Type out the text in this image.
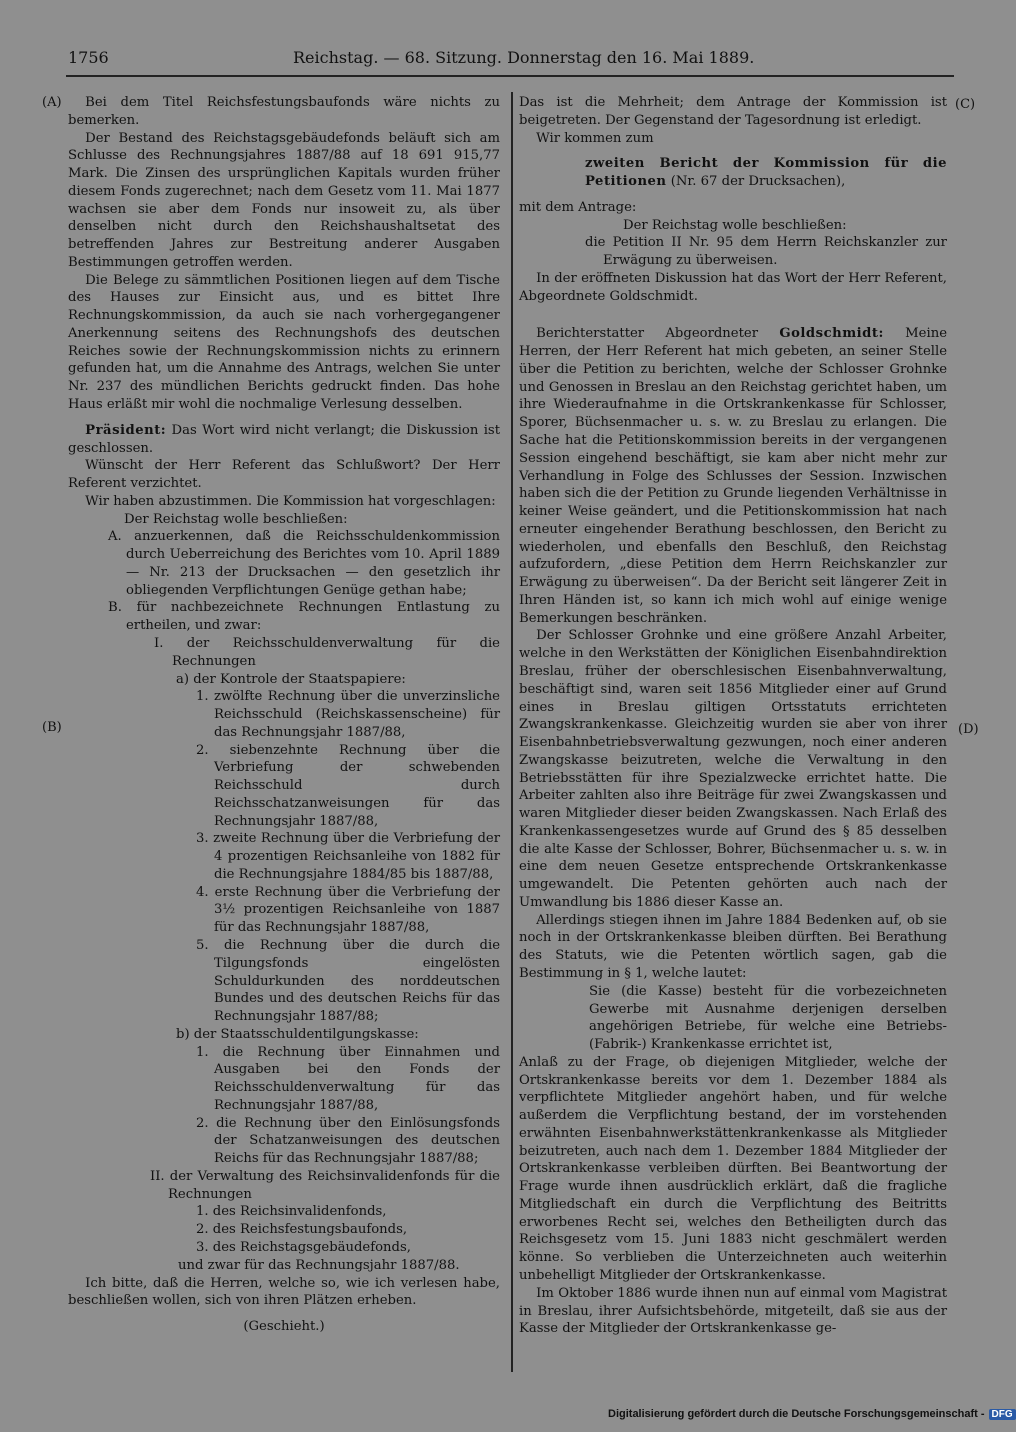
1756	Reichstag. — 68. Sitzung. Donnerstag den 16. Mai 1889.
(A)
(B)
(C)
(D)

Bei dem Titel Reichsfestungsbaufonds wäre nichts zu bemerken.

Der Bestand des Reichstagsgebäudefonds beläuft sich am Schlusse des Rechnungsjahres 1887/88 auf 18 691 915,77 Mark. Die Zinsen des ursprünglichen Kapitals wurden früher diesem Fonds zugerechnet; nach dem Gesetz vom 11. Mai 1877 wachsen sie aber dem Fonds nur insoweit zu, als über denselben nicht durch den Reichshaushaltsetat des betreffenden Jahres zur Bestreitung anderer Ausgaben Bestimmungen getroffen werden.

Die Belege zu sämmtlichen Positionen liegen auf dem Tische des Hauses zur Einsicht aus, und es bittet Ihre Rechnungskommission, da auch sie nach vorhergegangener Anerkennung seitens des Rechnungshofs des deutschen Reiches sowie der Rechnungskommission nichts zu erinnern gefunden hat, um die Annahme des Antrags, welchen Sie unter Nr. 237 des mündlichen Berichts gedruckt finden. Das hohe Haus erläßt mir wohl die nochmalige Verlesung desselben.

Präsident: Das Wort wird nicht verlangt; die Diskussion ist geschlossen.

Wünscht der Herr Referent das Schlußwort? Der Herr Referent verzichtet.

Wir haben abzustimmen. Die Kommission hat vorgeschlagen:

Der Reichstag wolle beschließen:

A. anzuerkennen, daß die Reichsschuldenkommission durch Ueberreichung des Berichtes vom 10. April 1889 — Nr. 213 der Drucksachen — den gesetzlich ihr obliegenden Verpflichtungen Genüge gethan habe;

B. für nachbezeichnete Rechnungen Entlastung zu ertheilen, und zwar:

I. der Reichsschuldenverwaltung für die Rechnungen

a) der Kontrole der Staatspapiere:

1. zwölfte Rechnung über die unverzinsliche Reichsschuld (Reichskassenscheine) für das Rechnungsjahr 1887/88,

2. siebenzehnte Rechnung über die Verbriefung der schwebenden Reichsschuld durch Reichsschatzanweisungen für das Rechnungsjahr 1887/88,

3. zweite Rechnung über die Verbriefung der 4 prozentigen Reichsanleihe von 1882 für die Rechnungsjahre 1884/85 bis 1887/88,

4. erste Rechnung über die Verbriefung der 3½ prozentigen Reichsanleihe von 1887 für das Rechnungsjahr 1887/88,

5. die Rechnung über die durch die Tilgungsfonds eingelösten Schuldurkunden des norddeutschen Bundes und des deutschen Reichs für das Rechnungsjahr 1887/88;

b) der Staatsschuldentilgungskasse:

1. die Rechnung über Einnahmen und Ausgaben bei den Fonds der Reichsschuldenverwaltung für das Rechnungsjahr 1887/88,

2. die Rechnung über den Einlösungsfonds der Schatzanweisungen des deutschen Reichs für das Rechnungsjahr 1887/88;

II. der Verwaltung des Reichsinvalidenfonds für die Rechnungen

1. des Reichsinvalidenfonds,

2. des Reichsfestungsbaufonds,

3. des Reichstagsgebäudefonds,

und zwar für das Rechnungsjahr 1887/88.

Ich bitte, daß die Herren, welche so, wie ich verlesen habe, beschließen wollen, sich von ihren Plätzen erheben.

(Geschieht.)

Das ist die Mehrheit; dem Antrage der Kommission ist beigetreten. Der Gegenstand der Tagesordnung ist erledigt.

Wir kommen zum

zweiten Bericht der Kommission für die Petitionen (Nr. 67 der Drucksachen),

mit dem Antrage:

Der Reichstag wolle beschließen:

die Petition II Nr. 95 dem Herrn Reichskanzler zur Erwägung zu überweisen.

In der eröffneten Diskussion hat das Wort der Herr Referent, Abgeordnete Goldschmidt.

Berichterstatter Abgeordneter Goldschmidt: Meine Herren, der Herr Referent hat mich gebeten, an seiner Stelle über die Petition zu berichten, welche der Schlosser Grohnke und Genossen in Breslau an den Reichstag gerichtet haben, um ihre Wiederaufnahme in die Ortskrankenkasse für Schlosser, Sporer, Büchsenmacher u. s. w. zu Breslau zu erlangen. Die Sache hat die Petitionskommission bereits in der vergangenen Session eingehend beschäftigt, sie kam aber nicht mehr zur Verhandlung in Folge des Schlusses der Session. Inzwischen haben sich die der Petition zu Grunde liegenden Verhältnisse in keiner Weise geändert, und die Petitionskommission hat nach erneuter eingehender Berathung beschlossen, den Bericht zu wiederholen, und ebenfalls den Beschluß, den Reichstag aufzufordern, „diese Petition dem Herrn Reichskanzler zur Erwägung zu überweisen“. Da der Bericht seit längerer Zeit in Ihren Händen ist, so kann ich mich wohl auf einige wenige Bemerkungen beschränken.

Der Schlosser Grohnke und eine größere Anzahl Arbeiter, welche in den Werkstätten der Königlichen Eisenbahndirektion Breslau, früher der oberschlesischen Eisenbahnverwaltung, beschäftigt sind, waren seit 1856 Mitglieder einer auf Grund eines in Breslau giltigen Ortsstatuts errichteten Zwangskrankenkasse. Gleichzeitig wurden sie aber von ihrer Eisenbahnbetriebsverwaltung gezwungen, noch einer anderen Zwangskasse beizutreten, welche die Verwaltung in den Betriebsstätten für ihre Spezialzwecke errichtet hatte. Die Arbeiter zahlten also ihre Beiträge für zwei Zwangskassen und waren Mitglieder dieser beiden Zwangskassen. Nach Erlaß des Krankenkassengesetzes wurde auf Grund des § 85 desselben die alte Kasse der Schlosser, Bohrer, Büchsenmacher u. s. w. in eine dem neuen Gesetze entsprechende Ortskrankenkasse umgewandelt. Die Petenten gehörten auch nach der Umwandlung bis 1886 dieser Kasse an.

Allerdings stiegen ihnen im Jahre 1884 Bedenken auf, ob sie noch in der Ortskrankenkasse bleiben dürften. Bei Berathung des Statuts, wie die Petenten wörtlich sagen, gab die Bestimmung in § 1, welche lautet:

Sie (die Kasse) besteht für die vorbezeichneten Gewerbe mit Ausnahme derjenigen derselben angehörigen Betriebe, für welche eine Betriebs- (Fabrik-) Krankenkasse errichtet ist,

Anlaß zu der Frage, ob diejenigen Mitglieder, welche der Ortskrankenkasse bereits vor dem 1. Dezember 1884 als verpflichtete Mitglieder angehört haben, und für welche außerdem die Verpflichtung bestand, der im vorstehenden erwähnten Eisenbahnwerkstättenkrankenkasse als Mitglieder beizutreten, auch nach dem 1. Dezember 1884 Mitglieder der Ortskrankenkasse verbleiben dürften. Bei Beantwortung der Frage wurde ihnen ausdrücklich erklärt, daß die fragliche Mitgliedschaft ein durch die Verpflichtung des Beitritts erworbenes Recht sei, welches den Betheiligten durch das Reichsgesetz vom 15. Juni 1883 nicht geschmälert werden könne. So verblieben die Unterzeichneten auch weiterhin unbehelligt Mitglieder der Ortskrankenkasse.

Im Oktober 1886 wurde ihnen nun auf einmal vom Magistrat in Breslau, ihrer Aufsichtsbehörde, mitgeteilt, daß sie aus der Kasse der Mitglieder der Ortskrankenkasse ge-

Digitalisierung gefördert durch die Deutsche Forschungsgemeinschaft - DFG
